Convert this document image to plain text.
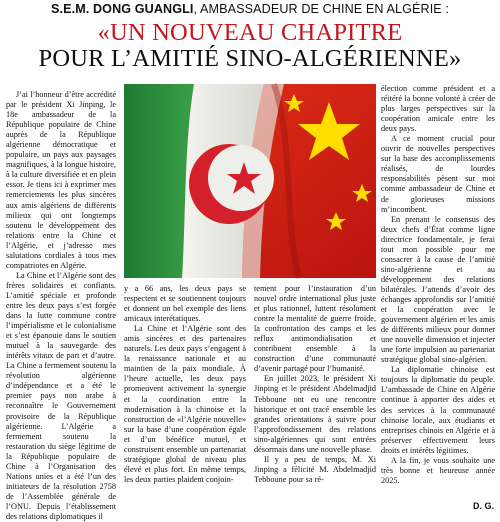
S.E.M. DONG GUANGLI, AMBASSADEUR DE CHINE EN ALGÉRIE :
«UN NOUVEAU CHAPITRE
POUR L’AMITIÉ SINO-ALGÉRIENNE»

J’ai l’honneur d’être accrédité par le président Xi Jinping, le 18e ambassadeur de la République populaire de Chine auprès de la République algérienne démocratique et populaire, un pays aux paysages magnifiques, à la longue histoire, à la culture diversifiée et en plein essor. Je tiens ici à exprimer mes remerciements les plus sincères aux amis algériens de différents milieux qui ont longtemps soutenu le développement des relations entre la Chine et l’Algérie, et j’adresse mes salutations cordiales à tous mes compatriotes en Algérie.

La Chine et l’Algérie sont des frères solidaires et confiants. L’amitié spéciale et profonde entre les deux pays s’est forgée dans la lutte commune contre l’impérialisme et le colonialisme et s’est épanouie dans le soutien mutuel à la sauvegarde des intérêts vitaux de part et d’autre. La Chine a fermement soutenu la révolution algérienne d’indépendance et a été le premier pays non arabe à reconnaître le Gouvernement provisoire de la République algérienne. L’Algérie a fermement soutenu la restauration du siège légitime de la République populaire de Chine à l’Organisation des Nations unies et a été l’un des initiateurs de la résolution 2758 de l’Assemblée générale de l’ONU. Depuis l’établissement des relations diplomatiques il

y a 66 ans, les deux pays se respectent et se soutiennent toujours et donnent un bel exemple des liens amicaux interétatiques.

La Chine et l’Algérie sont des amis sincères et des partenaires naturels. Les deux pays s’engagent à la renaissance nationale et au maintien de la paix mondiale. À l’heure actuelle, les deux pays promeuvent activement la synergie et la coordination entre la modernisation à la chinoise et la construction de «l’Algérie nouvelle» sur la base d’une coopération égale et d’un bénéfice mutuel, et construisent ensemble un partenariat stratégique global de niveau plus élevé et plus fort. En même temps, les deux parties plaident conjoin-

tement pour l’instauration d’un nouvel ordre international plus juste et plus rationnel, luttent résolument contre la mentalité de guerre froide, la confrontation des camps et les reflux antimondialisation et contribuent ensemble à la construction d’une communauté d’avenir partagé pour l’humanité.

En juillet 2023, le président Xi Jinping et le président Abdelmadjid Tebboune ont eu une rencontre historique et ont tracé ensemble les grandes orientations à suivre pour l’approfondissement des relations sino-algériennes qui sont entrées désormais dans une nouvelle phase.

Il y a peu de temps, M. Xi Jinping a félicité M. Abdelmadjid Tebboune pour sa ré-

élection comme président et a réitéré la bonne volonté à créer de plus larges perspectives sur la coopération amicale entre les deux pays.

A ce moment crucial pour ouvrir de nouvelles perspectives sur la base des accomplissements réalisés, de lourdes responsabilités pèsent sur moi comme ambassadeur de Chine et de glorieuses missions m’incombent.

En prenant le consensus des deux chefs d’État comme ligne directrice fondamentale, je ferai tout mon possible pour me consacrer à la cause de l’amitié sino-algérienne et au développement des relations bilatérales. J’attends d’avoir des échanges approfondis sur l’amitié et la coopération avec le gouvernement algérien et les amis de différents milieux pour donner une nouvelle dimension et injecter une forte impulsion au partenariat stratégique global sino-algérien.

La diplomatie chinoise est toujours la diplomatie du peuple. L’ambassade de Chine en Algérie continue à apporter des aides et des services à la communauté chinoise locale, aux étudiants et entreprises chinois en Algérie et à préserver effectivement leurs droits et intérêts légitimes.

A la fin, je vous souhaite une très bonne et heureuse année 2025.

D. G.
